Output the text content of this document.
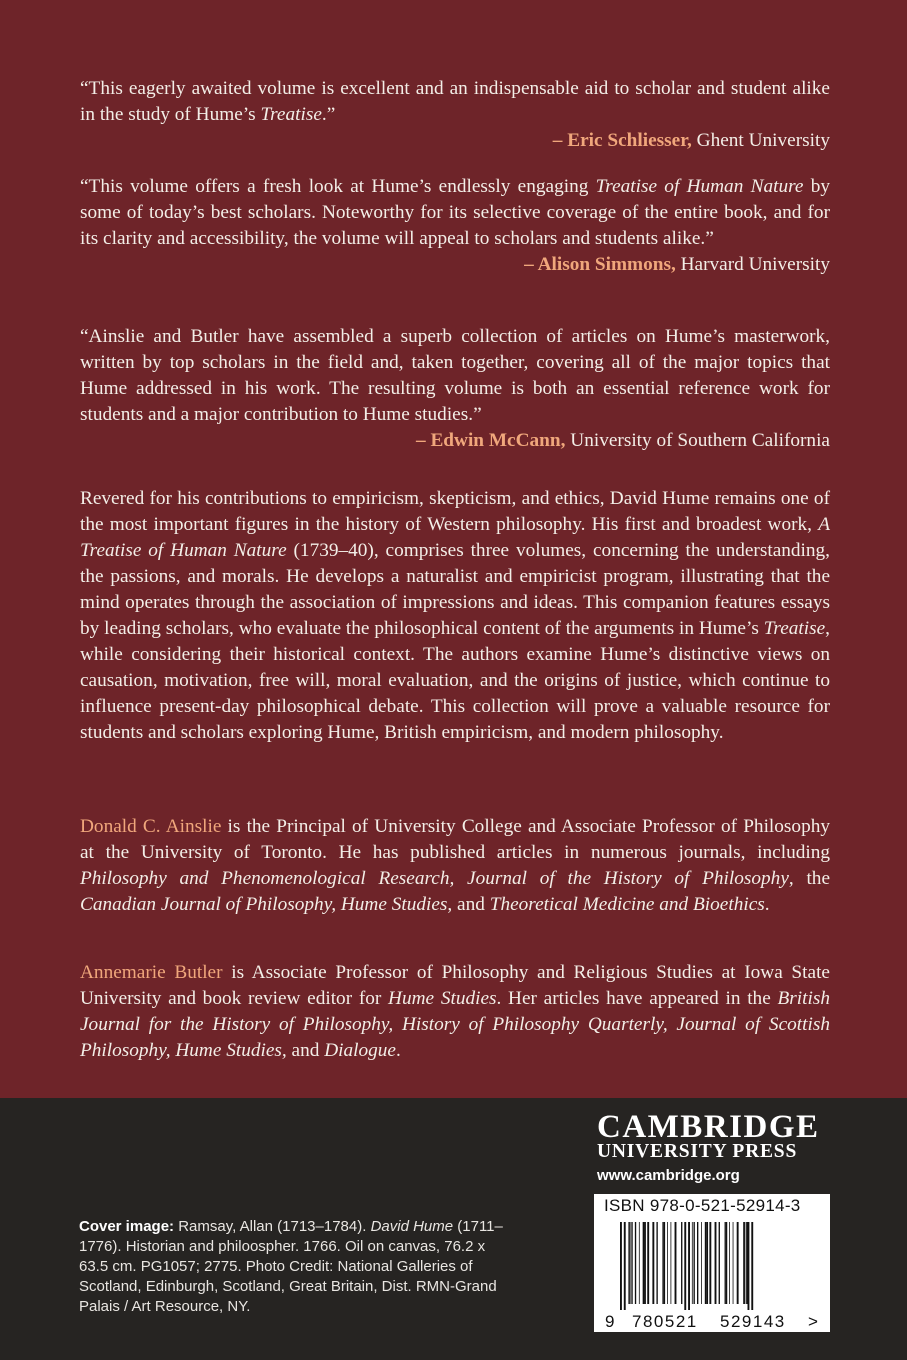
“This eagerly awaited volume is excellent and an indispensable aid to scholar and student alike in the study of Hume’s Treatise.”
– Eric Schliesser, Ghent University
“This volume offers a fresh look at Hume’s endlessly engaging Treatise of Human Nature by some of today’s best scholars. Noteworthy for its selective coverage of the entire book, and for its clarity and accessibility, the volume will appeal to scholars and students alike.”
– Alison Simmons, Harvard University
“Ainslie and Butler have assembled a superb collection of articles on Hume’s masterwork, written by top scholars in the field and, taken together, covering all of the major topics that Hume addressed in his work. The resulting volume is both an essential reference work for students and a major contribution to Hume studies.”
– Edwin McCann, University of Southern California
Revered for his contributions to empiricism, skepticism, and ethics, David Hume remains one of the most important figures in the history of Western philosophy. His first and broadest work, A Treatise of Human Nature (1739–40), comprises three volumes, concerning the understanding, the passions, and morals. He develops a naturalist and empiricist program, illustrating that the mind operates through the association of impressions and ideas. This companion features essays by leading scholars, who evaluate the philosophical content of the arguments in Hume’s Treatise, while considering their historical context. The authors examine Hume’s distinctive views on causation, motivation, free will, moral evaluation, and the origins of justice, which continue to influence present-day philosophical debate. This collection will prove a valuable resource for students and scholars exploring Hume, British empiricism, and modern philosophy.
Donald C. Ainslie is the Principal of University College and Associate Professor of Philosophy at the University of Toronto. He has published articles in numerous journals, including Philosophy and Phenomenological Research, Journal of the History of Philosophy, the Canadian Journal of Philosophy, Hume Studies, and Theoretical Medicine and Bioethics.
Annemarie Butler is Associate Professor of Philosophy and Religious Studies at Iowa State University and book review editor for Hume Studies. Her articles have appeared in the British Journal for the History of Philosophy, History of Philosophy Quarterly, Journal of Scottish Philosophy, Hume Studies, and Dialogue.
CAMBRIDGE
UNIVERSITY PRESS
www.cambridge.org
ISBN 978-0-521-52914-3
9 780521 529143 >
Cover image: Ramsay, Allan (1713–1784). David Hume (1711–1776). Historian and philoospher. 1766. Oil on canvas, 76.2 x 63.5 cm. PG1057; 2775. Photo Credit: National Galleries of Scotland, Edinburgh, Scotland, Great Britain, Dist. RMN-Grand Palais / Art Resource, NY.
